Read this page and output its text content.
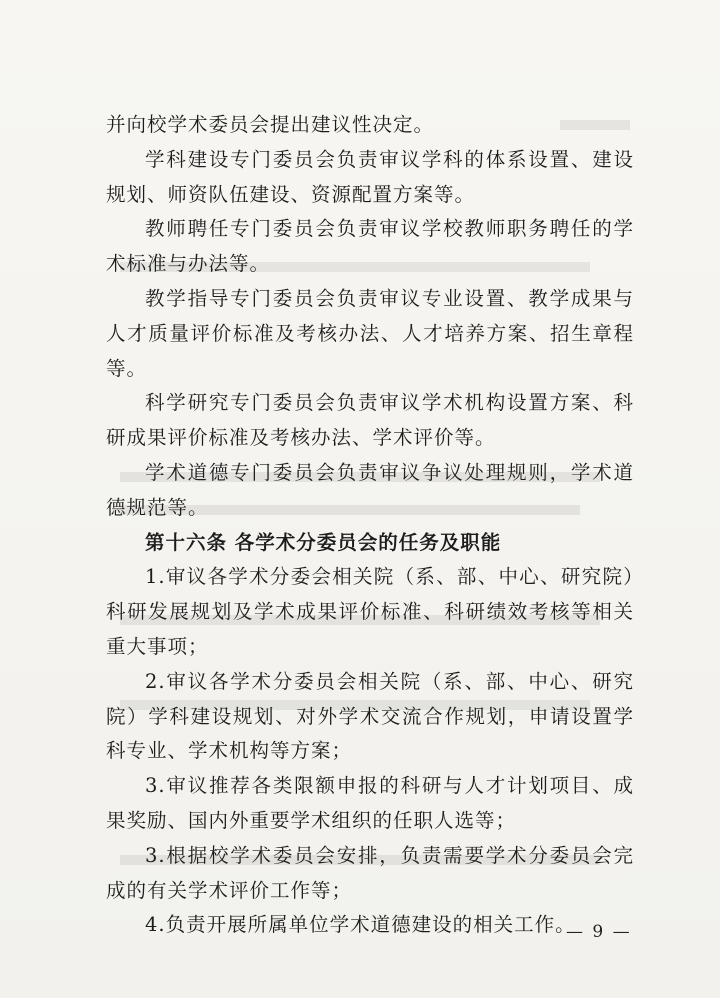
并向校学术委员会提出建议性决定。

学科建设专门委员会负责审议学科的体系设置、建设规划、师资队伍建设、资源配置方案等。

教师聘任专门委员会负责审议学校教师职务聘任的学术标准与办法等。

教学指导专门委员会负责审议专业设置、教学成果与人才质量评价标准及考核办法、人才培养方案、招生章程等。

科学研究专门委员会负责审议学术机构设置方案、科研成果评价标准及考核办法、学术评价等。

学术道德专门委员会负责审议争议处理规则，学术道德规范等。

第十六条 各学术分委员会的任务及职能

1.审议各学术分委会相关院（系、部、中心、研究院）科研发展规划及学术成果评价标准、科研绩效考核等相关重大事项；

2.审议各学术分委员会相关院（系、部、中心、研究院）学科建设规划、对外学术交流合作规划，申请设置学科专业、学术机构等方案；

3.审议推荐各类限额申报的科研与人才计划项目、成果奖励、国内外重要学术组织的任职人选等；

3.根据校学术委员会安排，负责需要学术分委员会完成的有关学术评价工作等；

4.负责开展所属单位学术道德建设的相关工作。

— 9 —
